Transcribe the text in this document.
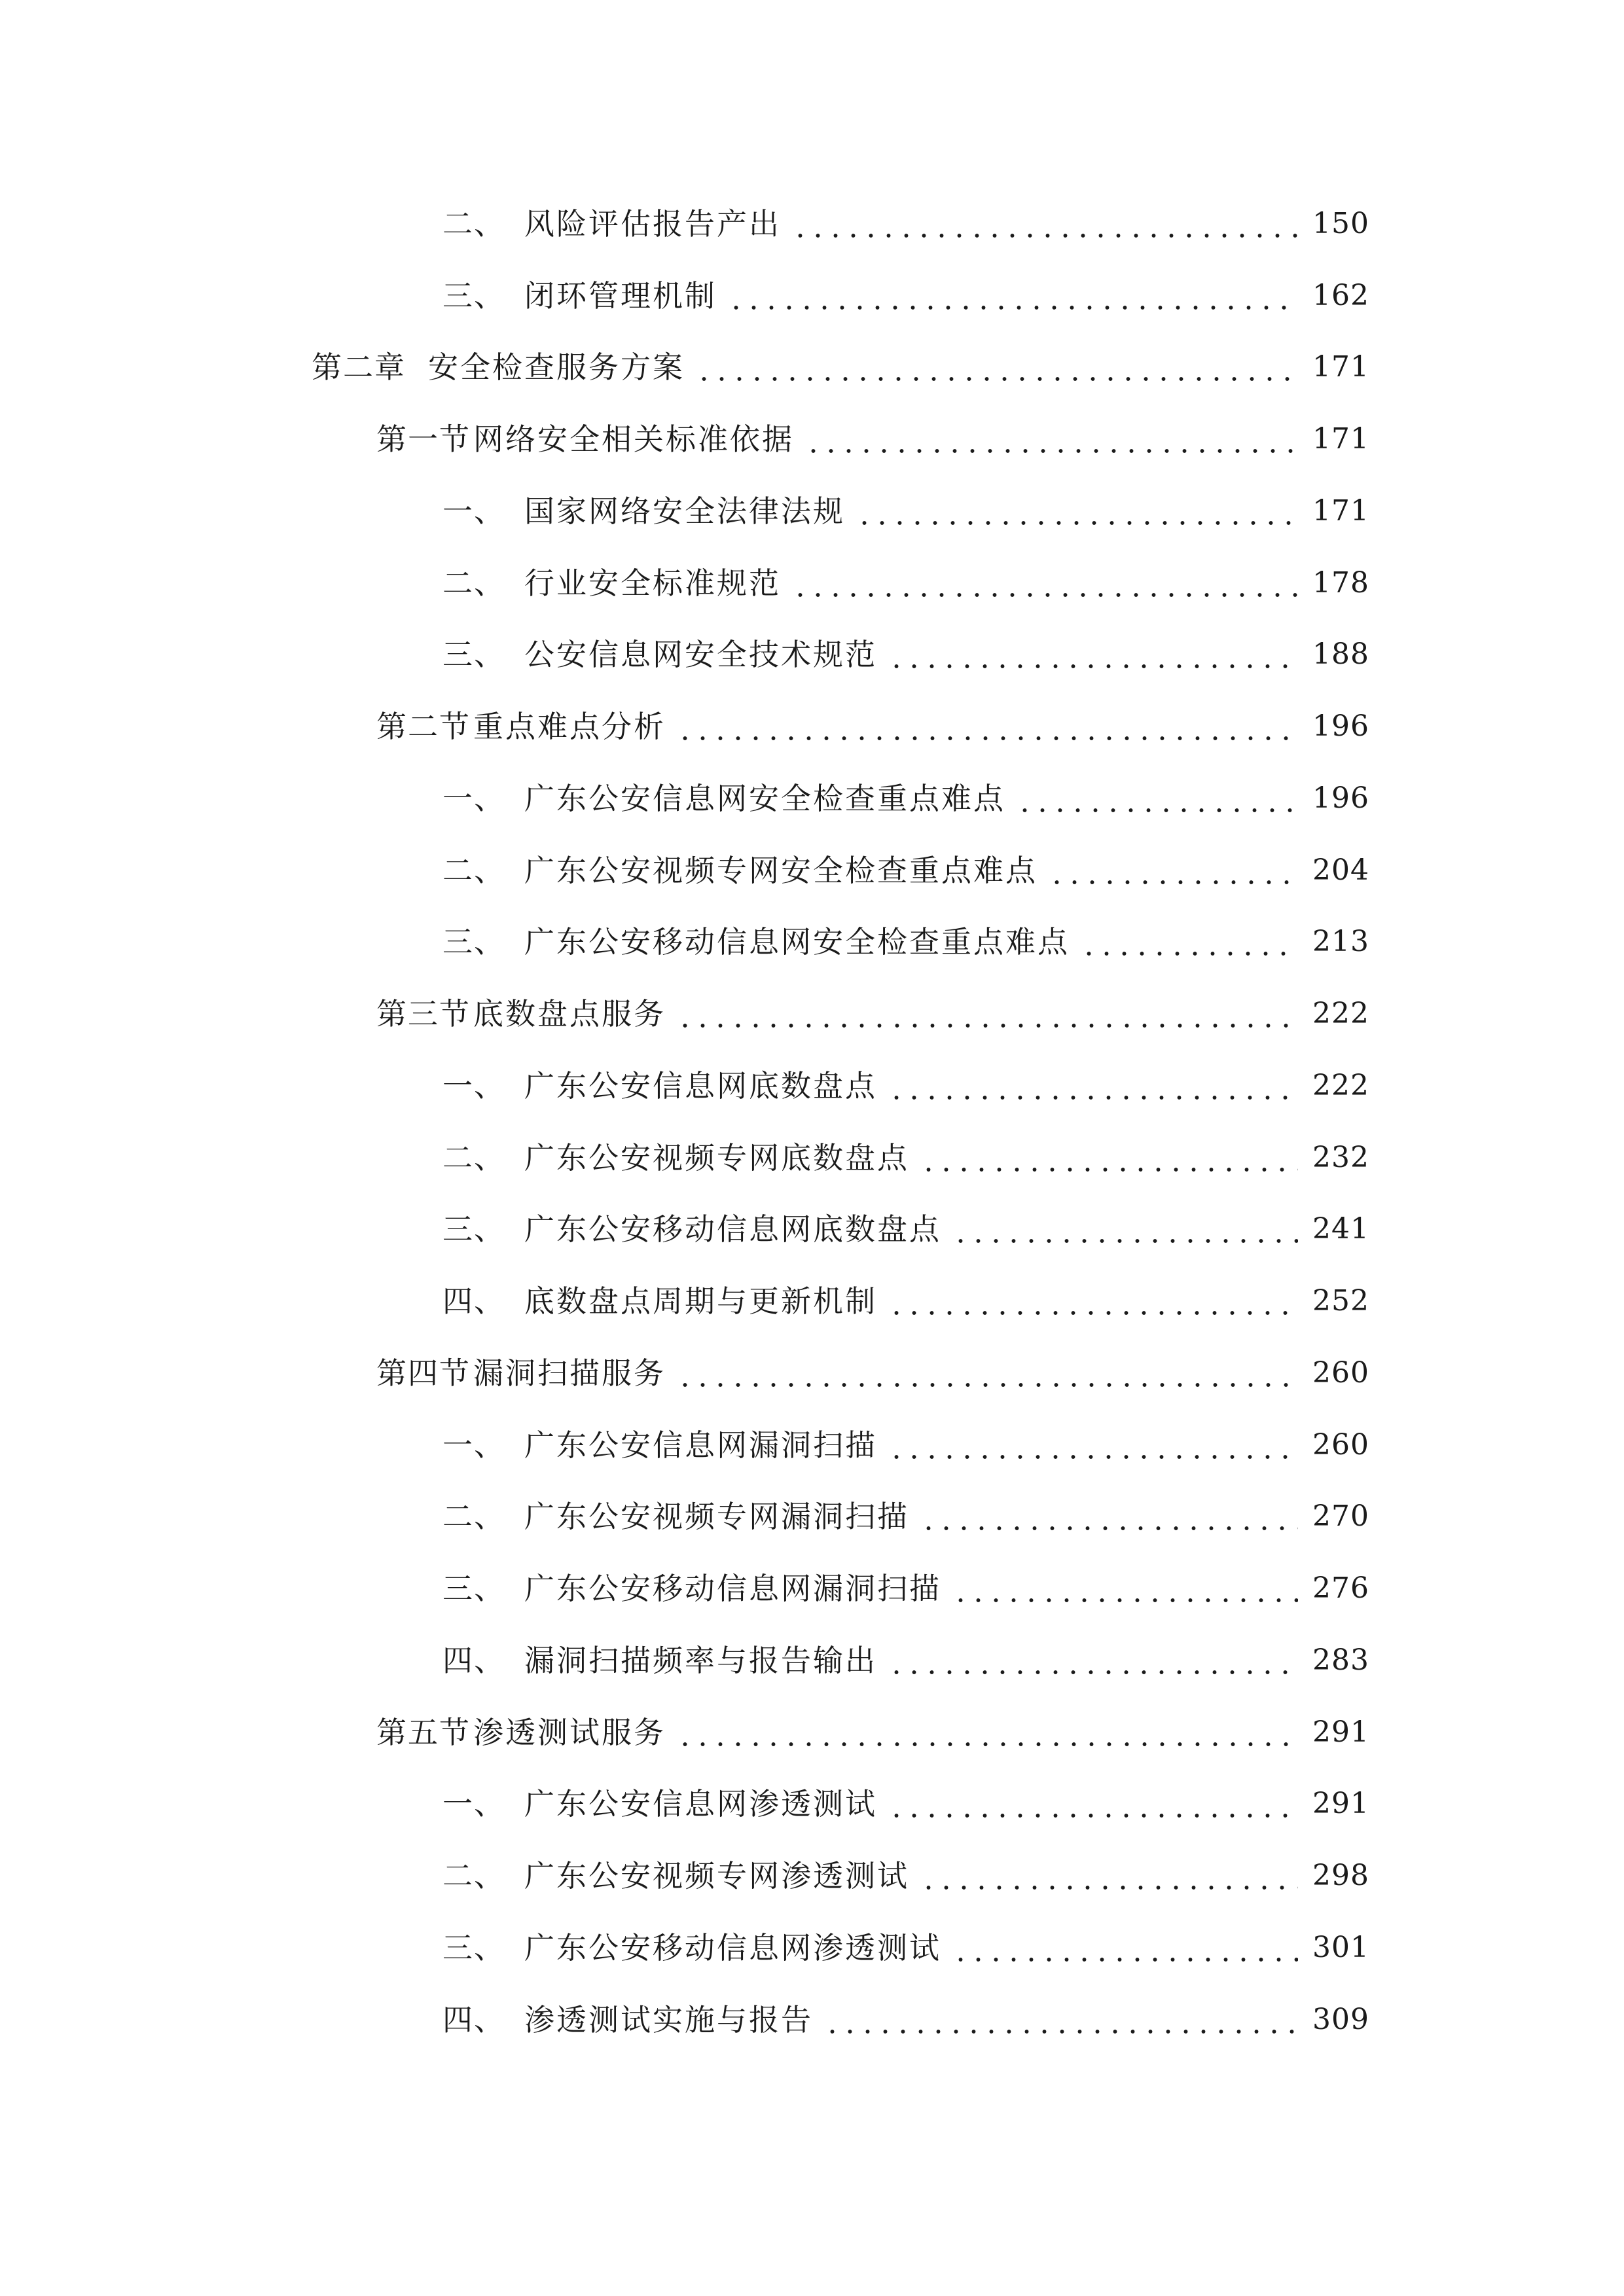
二、 风险评估报告产出	150
三、 闭环管理机制	162
第二章 安全检查服务方案	171
第一节 网络安全相关标准依据	171
一、 国家网络安全法律法规	171
二、 行业安全标准规范	178
三、 公安信息网安全技术规范	188
第二节 重点难点分析	196
一、 广东公安信息网安全检查重点难点	196
二、 广东公安视频专网安全检查重点难点	204
三、 广东公安移动信息网安全检查重点难点	213
第三节 底数盘点服务	222
一、 广东公安信息网底数盘点	222
二、 广东公安视频专网底数盘点	232
三、 广东公安移动信息网底数盘点	241
四、 底数盘点周期与更新机制	252
第四节 漏洞扫描服务	260
一、 广东公安信息网漏洞扫描	260
二、 广东公安视频专网漏洞扫描	270
三、 广东公安移动信息网漏洞扫描	276
四、 漏洞扫描频率与报告输出	283
第五节 渗透测试服务	291
一、 广东公安信息网渗透测试	291
二、 广东公安视频专网渗透测试	298
三、 广东公安移动信息网渗透测试	301
四、 渗透测试实施与报告	309
